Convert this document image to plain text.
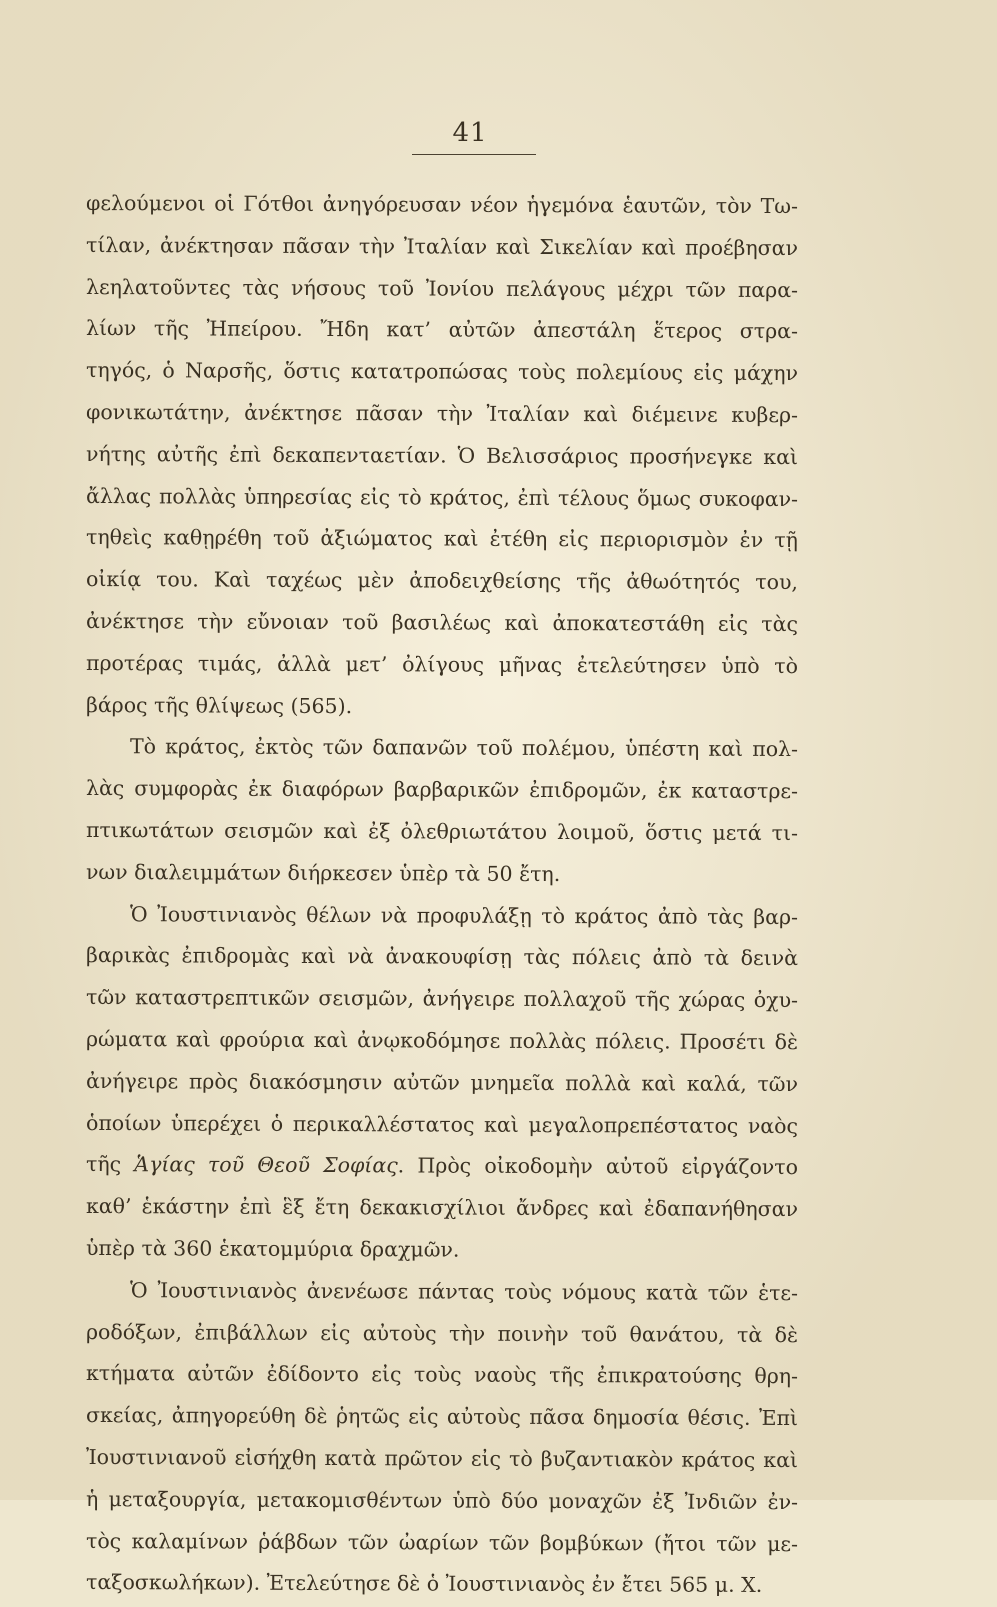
41
φελούμενοι οἱ Γότθοι ἀνηγόρευσαν νέον ἡγεμόνα ἑαυτῶν, τὸν Τω-
τίλαν, ἀνέκτησαν πᾶσαν τὴν Ἰταλίαν καὶ Σικελίαν καὶ προέβησαν
λεηλατοῦντες τὰς νήσους τοῦ Ἰονίου πελάγους μέχρι τῶν παρα-
λίων τῆς Ἠπείρου. Ἤδη κατ’ αὐτῶν ἀπεστάλη ἕτερος στρα-
τηγός, ὁ Ναρσῆς, ὅστις κατατροπώσας τοὺς πολεμίους εἰς μάχην
φονικωτάτην, ἀνέκτησε πᾶσαν τὴν Ἰταλίαν καὶ διέμεινε κυβερ-
νήτης αὐτῆς ἐπὶ δεκαπενταετίαν. Ὁ Βελισσάριος προσήνεγκε καὶ
ἄλλας πολλὰς ὑπηρεσίας εἰς τὸ κράτος, ἐπὶ τέλους ὅμως συκοφαν-
τηθεὶς καθῃρέθη τοῦ ἀξιώματος καὶ ἐτέθη εἰς περιορισμὸν ἐν τῇ
οἰκίᾳ του. Καὶ ταχέως μὲν ἀποδειχθείσης τῆς ἀθωότητός του,
ἀνέκτησε τὴν εὔνοιαν τοῦ βασιλέως καὶ ἀποκατεστάθη εἰς τὰς
προτέρας τιμάς, ἀλλὰ μετ’ ὀλίγους μῆνας ἐτελεύτησεν ὑπὸ τὸ
βάρος τῆς θλίψεως (565).
Τὸ κράτος, ἐκτὸς τῶν δαπανῶν τοῦ πολέμου, ὑπέστη καὶ πολ-
λὰς συμφορὰς ἐκ διαφόρων βαρβαρικῶν ἐπιδρομῶν, ἐκ καταστρε-
πτικωτάτων σεισμῶν καὶ ἐξ ὀλεθριωτάτου λοιμοῦ, ὅστις μετά τι-
νων διαλειμμάτων διήρκεσεν ὑπὲρ τὰ 50 ἔτη.
Ὁ Ἰουστινιανὸς θέλων νὰ προφυλάξῃ τὸ κράτος ἀπὸ τὰς βαρ-
βαρικὰς ἐπιδρομὰς καὶ νὰ ἀνακουφίσῃ τὰς πόλεις ἀπὸ τὰ δεινὰ
τῶν καταστρεπτικῶν σεισμῶν, ἀνήγειρε πολλαχοῦ τῆς χώρας ὀχυ-
ρώματα καὶ φρούρια καὶ ἀνῳκοδόμησε πολλὰς πόλεις. Προσέτι δὲ
ἀνήγειρε πρὸς διακόσμησιν αὐτῶν μνημεῖα πολλὰ καὶ καλά, τῶν
ὁποίων ὑπερέχει ὁ περικαλλέστατος καὶ μεγαλοπρεπέστατος ναὸς
τῆς Ἁγίας τοῦ Θεοῦ Σοφίας. Πρὸς οἰκοδομὴν αὐτοῦ εἰργάζοντο
καθ’ ἑκάστην ἐπὶ ἓξ ἔτη δεκακισχίλιοι ἄνδρες καὶ ἐδαπανήθησαν
ὑπὲρ τὰ 360 ἑκατομμύρια δραχμῶν.
Ὁ Ἰουστινιανὸς ἀνενέωσε πάντας τοὺς νόμους κατὰ τῶν ἑτε-
ροδόξων, ἐπιβάλλων εἰς αὐτοὺς τὴν ποινὴν τοῦ θανάτου, τὰ δὲ
κτήματα αὐτῶν ἐδίδοντο εἰς τοὺς ναοὺς τῆς ἐπικρατούσης θρη-
σκείας, ἀπηγορεύθη δὲ ῥητῶς εἰς αὐτοὺς πᾶσα δημοσία θέσις. Ἐπὶ
Ἰουστινιανοῦ εἰσήχθη κατὰ πρῶτον εἰς τὸ βυζαντιακὸν κράτος καὶ
ἡ μεταξουργία, μετακομισθέντων ὑπὸ δύο μοναχῶν ἐξ Ἰνδιῶν ἐν-
τὸς καλαμίνων ῥάβδων τῶν ὠαρίων τῶν βομβύκων (ἤτοι τῶν με-
ταξοσκωλήκων). Ἐτελεύτησε δὲ ὁ Ἰουστινιανὸς ἐν ἔτει 565 μ. Χ.
